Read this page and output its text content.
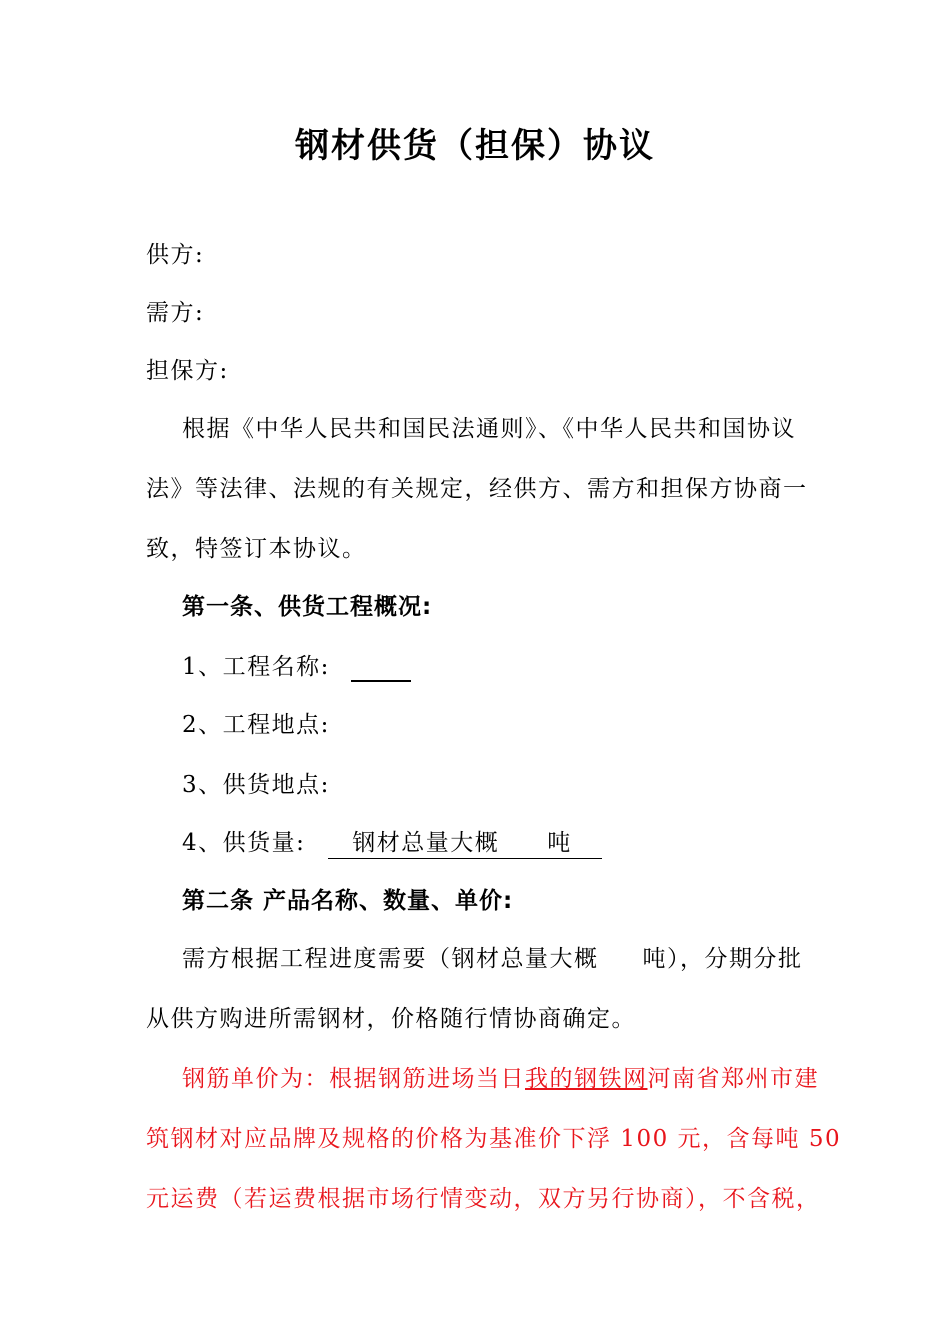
钢材供货（担保）协议
供方:
需方:
担保方:
根据《中华人民共和国民法通则》、《中华人民共和国协议
法》等法律、法规的有关规定，经供方、需方和担保方协商一
致，特签订本协议。
第一条、供货工程概况:
1、工程名称:
2、工程地点:
3、供货地点:
4、供货量: 钢材总量大概 吨
第二条 产品名称、数量、单价:
需方根据工程进度需要（钢材总量大概 吨），分期分批
从供方购进所需钢材，价格随行情协商确定。
钢筋单价为：根据钢筋进场当日我的钢铁网河南省郑州市建
筑钢材对应品牌及规格的价格为基准价下浮 100 元，含每吨 50
元运费（若运费根据市场行情变动，双方另行协商），不含税，
